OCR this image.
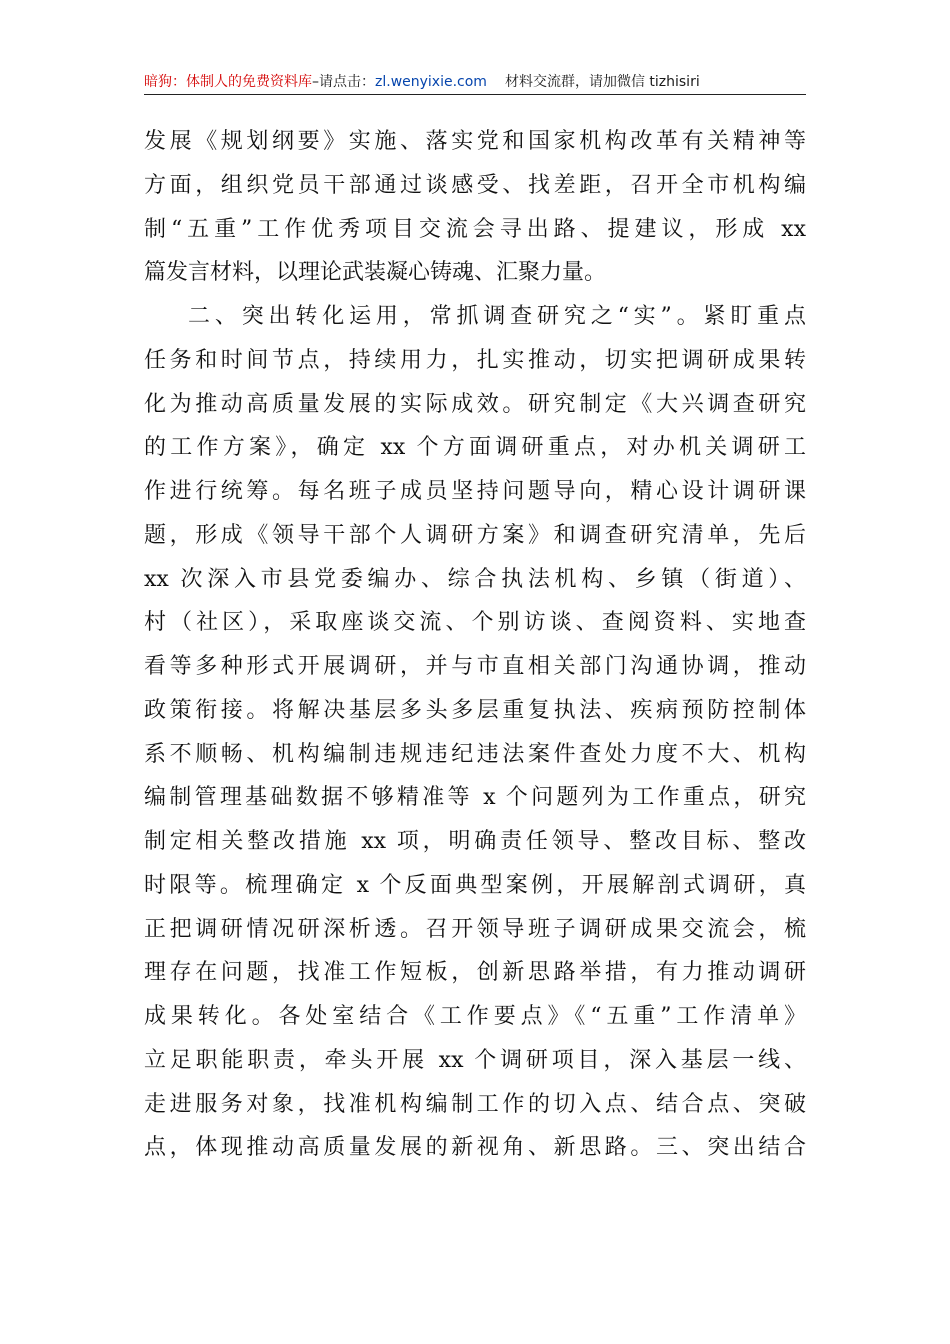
暗狗：体制人的免费资料库–请点击：zl.wenyixie.com 材料交流群，请加微信 tizhisiri
发展《规划纲要》实施、落实党和国家机构改革有关精神等
方面，组织党员干部通过谈感受、找差距，召开全市机构编
制“五重”工作优秀项目交流会寻出路、提建议，形成 xx
篇发言材料，以理论武装凝心铸魂、汇聚力量。
二、突出转化运用，常抓调查研究之“实”。紧盯重点
任务和时间节点，持续用力，扎实推动，切实把调研成果转
化为推动高质量发展的实际成效。研究制定《大兴调查研究
的工作方案》，确定 xx 个方面调研重点，对办机关调研工
作进行统筹。每名班子成员坚持问题导向，精心设计调研课
题，形成《领导干部个人调研方案》和调查研究清单，先后
xx 次深入市县党委编办、综合执法机构、乡镇（街道）、
村（社区），采取座谈交流、个别访谈、查阅资料、实地查
看等多种形式开展调研，并与市直相关部门沟通协调，推动
政策衔接。将解决基层多头多层重复执法、疾病预防控制体
系不顺畅、机构编制违规违纪违法案件查处力度不大、机构
编制管理基础数据不够精准等 x 个问题列为工作重点，研究
制定相关整改措施 xx 项，明确责任领导、整改目标、整改
时限等。梳理确定 x 个反面典型案例，开展解剖式调研，真
正把调研情况研深析透。召开领导班子调研成果交流会，梳
理存在问题，找准工作短板，创新思路举措，有力推动调研
成果转化。各处室结合《工作要点》《“五重”工作清单》
立足职能职责，牵头开展 xx 个调研项目，深入基层一线、
走进服务对象，找准机构编制工作的切入点、结合点、突破
点，体现推动高质量发展的新视角、新思路。三、突出结合
